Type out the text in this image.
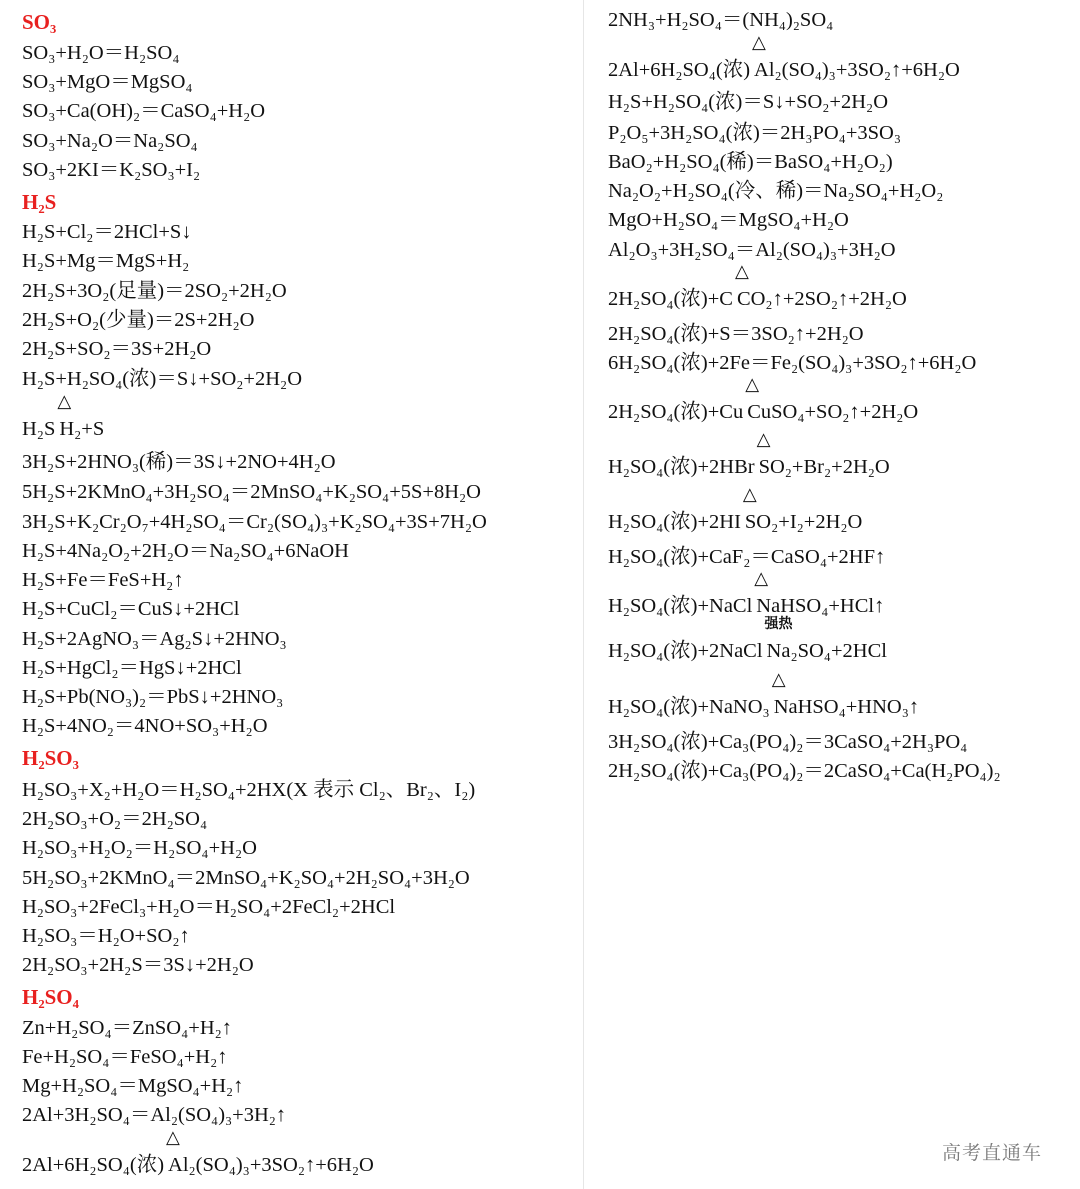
SO₃
SO₃+H₂O＝H₂SO₄
SO₃+MgO＝MgSO₄
SO₃+Ca(OH)₂＝CaSO₄+H₂O
SO₃+Na₂O＝Na₂SO₄
SO₃+2KI＝K₂SO₃+I₂
H₂S
H₂S+Cl₂＝2HCl+S↓
H₂S+Mg＝MgS+H₂
2H₂S+3O₂(足量)＝2SO₂+2H₂O
2H₂S+O₂(少量)＝2S+2H₂O
2H₂S+SO₂＝3S+2H₂O
H₂S+H₂SO₄(浓)＝S↓+SO₂+2H₂O
H₂S
△
H₂+S
3H₂S+2HNO₃(稀)＝3S↓+2NO+4H₂O
5H₂S+2KMnO₄+3H₂SO₄＝2MnSO₄+K₂SO₄+5S+8H₂O
3H₂S+K₂Cr₂O₇+4H₂SO₄＝Cr₂(SO₄)₃+K₂SO₄+3S+7H₂O
H₂S+4Na₂O₂+2H₂O＝Na₂SO₄+6NaOH
H₂S+Fe＝FeS+H₂↑
H₂S+CuCl₂＝CuS↓+2HCl
H₂S+2AgNO₃＝Ag₂S↓+2HNO₃
H₂S+HgCl₂＝HgS↓+2HCl
H₂S+Pb(NO₃)₂＝PbS↓+2HNO₃
H₂S+4NO₂＝4NO+SO₃+H₂O
H₂SO₃
H₂SO₃+X₂+H₂O＝H₂SO₄+2HX(X 表示 Cl₂、Br₂、I₂)
2H₂SO₃+O₂＝2H₂SO₄
H₂SO₃+H₂O₂＝H₂SO₄+H₂O
5H₂SO₃+2KMnO₄＝2MnSO₄+K₂SO₄+2H₂SO₄+3H₂O
H₂SO₃+2FeCl₃+H₂O＝H₂SO₄+2FeCl₂+2HCl
H₂SO₃＝H₂O+SO₂↑
2H₂SO₃+2H₂S＝3S↓+2H₂O
H₂SO₄
Zn+H₂SO₄＝ZnSO₄+H₂↑
Fe+H₂SO₄＝FeSO₄+H₂↑
Mg+H₂SO₄＝MgSO₄+H₂↑
2Al+3H₂SO₄＝Al₂(SO₄)₃+3H₂↑
2Al+6H₂SO₄(浓)
△
Al₂(SO₄)₃+3SO₂↑+6H₂O
2NH₃+H₂SO₄＝(NH₄)₂SO₄
2Al+6H₂SO₄(浓)
△
Al₂(SO₄)₃+3SO₂↑+6H₂O
H₂S+H₂SO₄(浓)＝S↓+SO₂+2H₂O
P₂O₅+3H₂SO₄(浓)＝2H₃PO₄+3SO₃
BaO₂+H₂SO₄(稀)＝BaSO₄+H₂O₂)
Na₂O₂+H₂SO₄(冷、稀)＝Na₂SO₄+H₂O₂
MgO+H₂SO₄＝MgSO₄+H₂O
Al₂O₃+3H₂SO₄＝Al₂(SO₄)₃+3H₂O
2H₂SO₄(浓)+C
△
CO₂↑+2SO₂↑+2H₂O
2H₂SO₄(浓)+S＝3SO₂↑+2H₂O
6H₂SO₄(浓)+2Fe＝Fe₂(SO₄)₃+3SO₂↑+6H₂O
2H₂SO₄(浓)+Cu
△
CuSO₄+SO₂↑+2H₂O
H₂SO₄(浓)+2HBr
△
SO₂+Br₂+2H₂O
H₂SO₄(浓)+2HI
△
SO₂+I₂+2H₂O
H₂SO₄(浓)+CaF₂＝CaSO₄+2HF↑
H₂SO₄(浓)+NaCl
△
NaHSO₄+HCl↑
H₂SO₄(浓)+2NaCl
强热
Na₂SO₄+2HCl
H₂SO₄(浓)+NaNO₃
△
NaHSO₄+HNO₃↑
3H₂SO₄(浓)+Ca₃(PO₄)₂＝3CaSO₄+2H₃PO₄
2H₂SO₄(浓)+Ca₃(PO₄)₂＝2CaSO₄+Ca(H₂PO₄)₂
高考直通车
